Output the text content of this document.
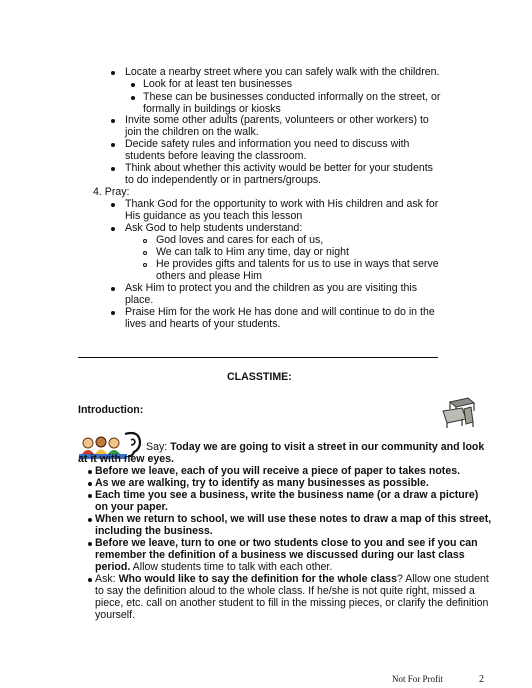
Locate a nearby street where you can safely walk with the children.
Look for at least ten businesses
These can be businesses conducted informally on the street, or
formally in buildings or kiosks
Invite some other adults (parents, volunteers or other workers) to
join the children on the walk.
Decide safety rules and information you need to discuss with
students before leaving the classroom.
Think about whether this activity would be better for your students
to do independently or in partners/groups.
4. Pray:
Thank God for the opportunity to work with His children and ask for
His guidance as you teach this lesson
Ask God to help students understand:
God loves and cares for each of us,
We can talk to Him any time, day or night
He provides gifts and talents for us to use in ways that serve
others and please Him
Ask Him to protect you and the children as you are visiting this
place.
Praise Him for the work He has done and will continue to do in the
lives and hearts of your students.
CLASSTIME:
Introduction:
Say: Today we are going to visit a street in our community and look
at it with new eyes.
Before we leave, each of you will receive a piece of paper to takes notes.
As we are walking, try to identify as many businesses as possible.
Each time you see a business, write the business name (or a draw a picture)
on your paper.
When we return to school, we will use these notes to draw a map of this street,
including the business.
Before we leave, turn to one or two students close to you and see if you can
remember the definition of a business we discussed during our last class
period. Allow students time to talk with each other.
Ask: Who would like to say the definition for the whole class? Allow one student
to say the definition aloud to the whole class. If he/she is not quite right, missed a
piece, etc. call on another student to fill in the missing pieces, or clarify the definition
yourself.
Not For Profit	2
